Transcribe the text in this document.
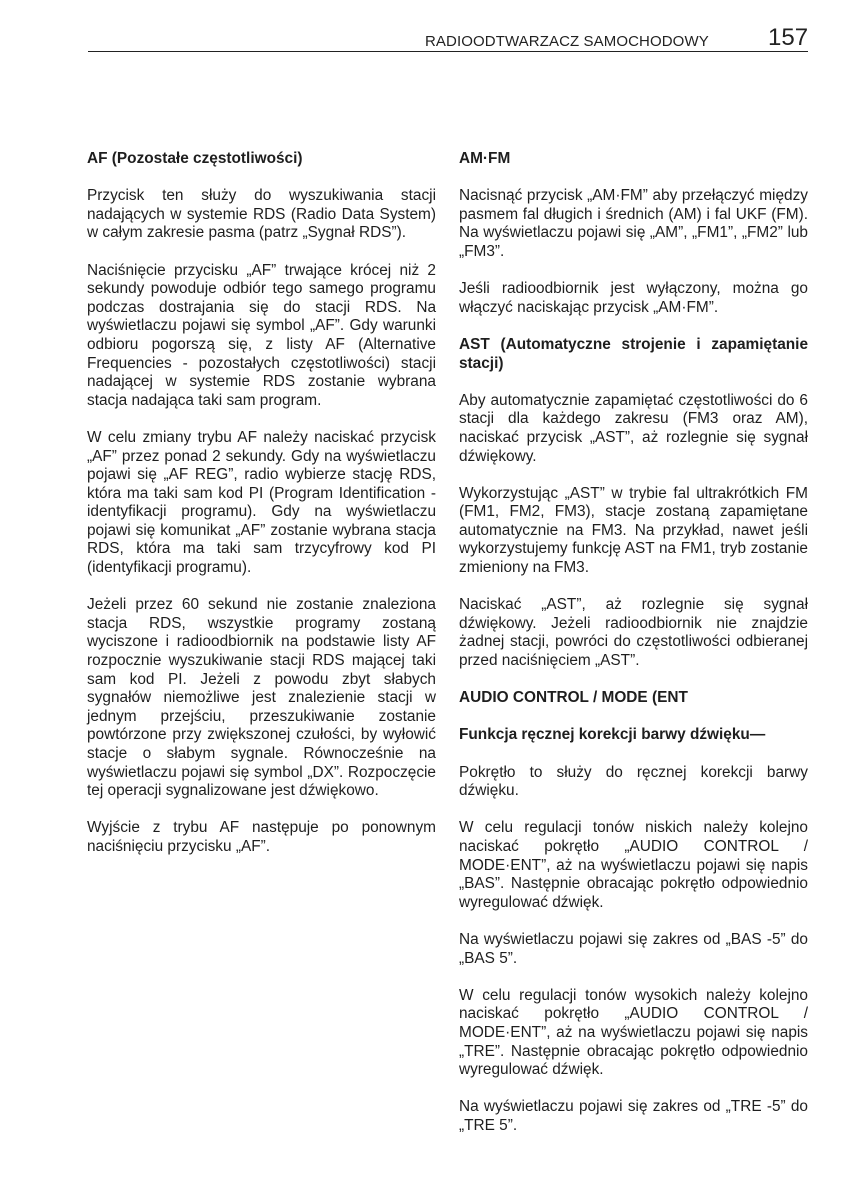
RADIOODTWARZACZ SAMOCHODOWY 157

AF (Pozostałe częstotliwości)

Przycisk ten służy do wyszukiwania stacji nadających w systemie RDS (Radio Data System) w całym zakresie pasma (patrz „Sygnał RDS”).

Naciśnięcie przycisku „AF” trwające krócej niż 2 sekundy powoduje odbiór tego samego programu podczas dostrajania się do stacji RDS. Na wyświetlaczu pojawi się symbol „AF”. Gdy warunki odbioru pogorszą się, z listy AF (Alternative Frequencies - pozostałych częstotliwości) stacji nadającej w systemie RDS zostanie wybrana stacja nadająca taki sam program.

W celu zmiany trybu AF należy naciskać przycisk „AF” przez ponad 2 sekundy. Gdy na wyświetlaczu pojawi się „AF REG”, radio wybierze stację RDS, która ma taki sam kod PI (Program Identification - identyfikacji programu). Gdy na wyświetlaczu pojawi się komunikat „AF” zostanie wybrana stacja RDS, która ma taki sam trzycyfrowy kod PI (identyfikacji programu).

Jeżeli przez 60 sekund nie zostanie znaleziona stacja RDS, wszystkie programy zostaną wyciszone i radioodbiornik na podstawie listy AF rozpocznie wyszukiwanie stacji RDS mającej taki sam kod PI. Jeżeli z powodu zbyt słabych sygnałów niemożliwe jest znalezienie stacji w jednym przejściu, przeszukiwanie zostanie powtórzone przy zwiększonej czułości, by wyłowić stacje o słabym sygnale. Równocześnie na wyświetlaczu pojawi się symbol „DX”. Rozpoczęcie tej operacji sygnalizowane jest dźwiękowo.

Wyjście z trybu AF następuje po ponownym naciśnięciu przycisku „AF”.

AM·FM

Nacisnąć przycisk „AM·FM” aby przełączyć między pasmem fal długich i średnich (AM) i fal UKF (FM). Na wyświetlaczu pojawi się „AM”, „FM1”, „FM2” lub „FM3”.

Jeśli radioodbiornik jest wyłączony, można go włączyć naciskając przycisk „AM·FM”.

AST (Automatyczne strojenie i zapamiętanie stacji)

Aby automatycznie zapamiętać częstotliwości do 6 stacji dla każdego zakresu (FM3 oraz AM), naciskać przycisk „AST”, aż rozlegnie się sygnał dźwiękowy.

Wykorzystując „AST” w trybie fal ultrakrótkich FM (FM1, FM2, FM3), stacje zostaną zapamiętane automatycznie na FM3. Na przykład, nawet jeśli wykorzystujemy funkcję AST na FM1, tryb zostanie zmieniony na FM3.

Naciskać „AST”, aż rozlegnie się sygnał dźwiękowy. Jeżeli radioodbiornik nie znajdzie żadnej stacji, powróci do częstotliwości odbieranej przed naciśnięciem „AST”.

AUDIO CONTROL / MODE (ENT

Funkcja ręcznej korekcji barwy dźwięku—

Pokrętło to służy do ręcznej korekcji barwy dźwięku.

W celu regulacji tonów niskich należy kolejno naciskać pokrętło „AUDIO CONTROL / MODE·ENT”, aż na wyświetlaczu pojawi się napis „BAS”. Następnie obracając pokrętło odpowiednio wyregulować dźwięk.

Na wyświetlaczu pojawi się zakres od „BAS -5” do „BAS 5”.

W celu regulacji tonów wysokich należy kolejno naciskać pokrętło „AUDIO CONTROL / MODE·ENT”, aż na wyświetlaczu pojawi się napis „TRE”. Następnie obracając pokrętło odpowiednio wyregulować dźwięk.

Na wyświetlaczu pojawi się zakres od „TRE -5” do „TRE 5”.
